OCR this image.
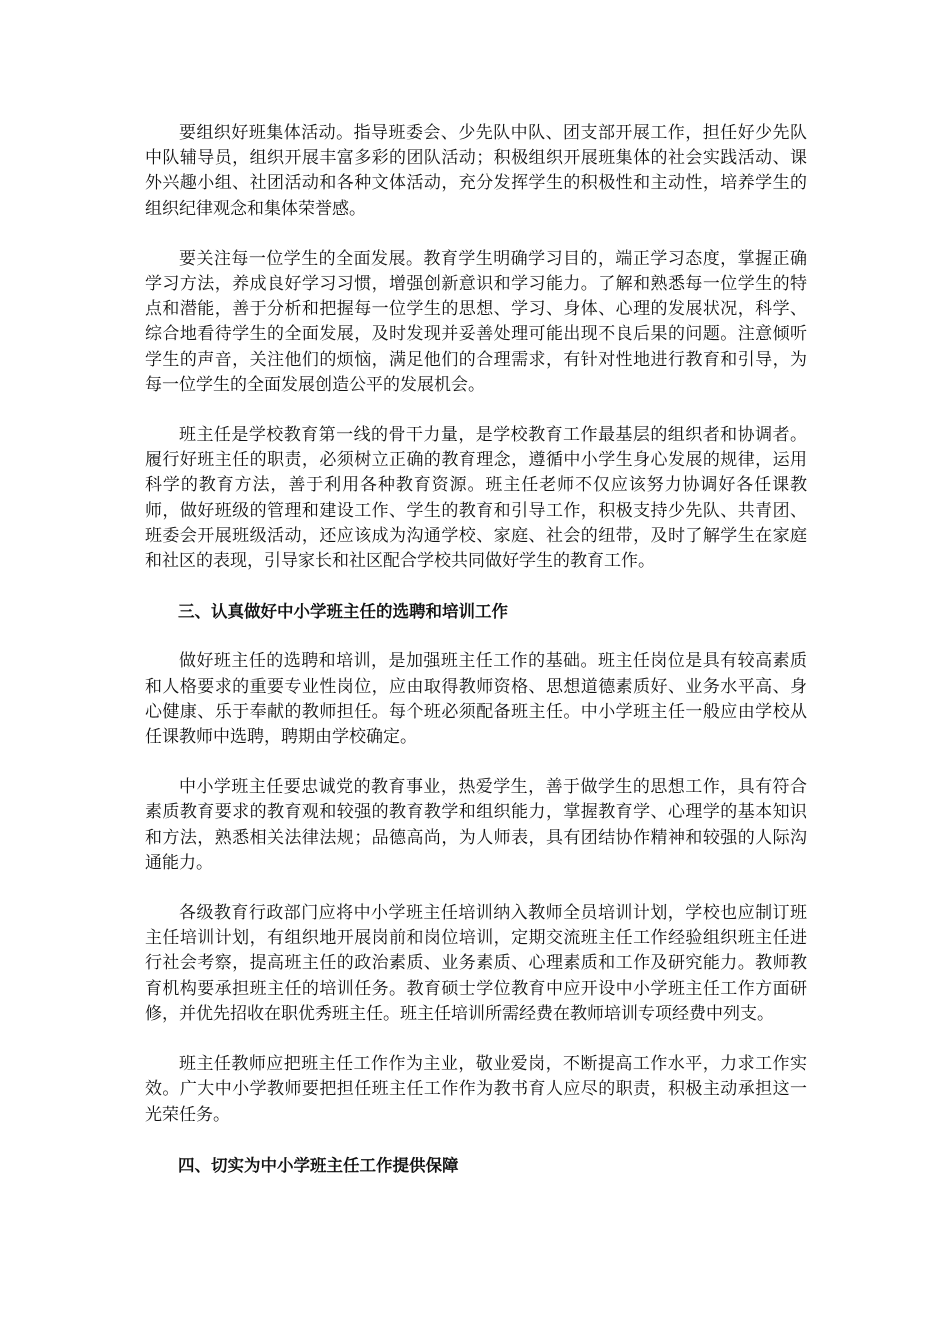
要组织好班集体活动。指导班委会、少先队中队、团支部开展工作，担任好少先队中队辅导员，组织开展丰富多彩的团队活动；积极组织开展班集体的社会实践活动、课外兴趣小组、社团活动和各种文体活动，充分发挥学生的积极性和主动性，培养学生的组织纪律观念和集体荣誉感。

要关注每一位学生的全面发展。教育学生明确学习目的，端正学习态度，掌握正确学习方法，养成良好学习习惯，增强创新意识和学习能力。了解和熟悉每一位学生的特点和潜能，善于分析和把握每一位学生的思想、学习、身体、心理的发展状况，科学、综合地看待学生的全面发展，及时发现并妥善处理可能出现不良后果的问题。注意倾听学生的声音，关注他们的烦恼，满足他们的合理需求，有针对性地进行教育和引导，为每一位学生的全面发展创造公平的发展机会。

班主任是学校教育第一线的骨干力量，是学校教育工作最基层的组织者和协调者。履行好班主任的职责，必须树立正确的教育理念，遵循中小学生身心发展的规律，运用科学的教育方法，善于利用各种教育资源。班主任老师不仅应该努力协调好各任课教师，做好班级的管理和建设工作、学生的教育和引导工作，积极支持少先队、共青团、班委会开展班级活动，还应该成为沟通学校、家庭、社会的纽带，及时了解学生在家庭和社区的表现，引导家长和社区配合学校共同做好学生的教育工作。

三、认真做好中小学班主任的选聘和培训工作

做好班主任的选聘和培训，是加强班主任工作的基础。班主任岗位是具有较高素质和人格要求的重要专业性岗位，应由取得教师资格、思想道德素质好、业务水平高、身心健康、乐于奉献的教师担任。每个班必须配备班主任。中小学班主任一般应由学校从任课教师中选聘，聘期由学校确定。

中小学班主任要忠诚党的教育事业，热爱学生，善于做学生的思想工作，具有符合素质教育要求的教育观和较强的教育教学和组织能力，掌握教育学、心理学的基本知识和方法，熟悉相关法律法规；品德高尚，为人师表，具有团结协作精神和较强的人际沟通能力。

各级教育行政部门应将中小学班主任培训纳入教师全员培训计划，学校也应制订班主任培训计划，有组织地开展岗前和岗位培训，定期交流班主任工作经验组织班主任进行社会考察，提高班主任的政治素质、业务素质、心理素质和工作及研究能力。教师教育机构要承担班主任的培训任务。教育硕士学位教育中应开设中小学班主任工作方面研修，并优先招收在职优秀班主任。班主任培训所需经费在教师培训专项经费中列支。

班主任教师应把班主任工作作为主业，敬业爱岗，不断提高工作水平，力求工作实效。广大中小学教师要把担任班主任工作作为教书育人应尽的职责，积极主动承担这一光荣任务。

四、切实为中小学班主任工作提供保障
